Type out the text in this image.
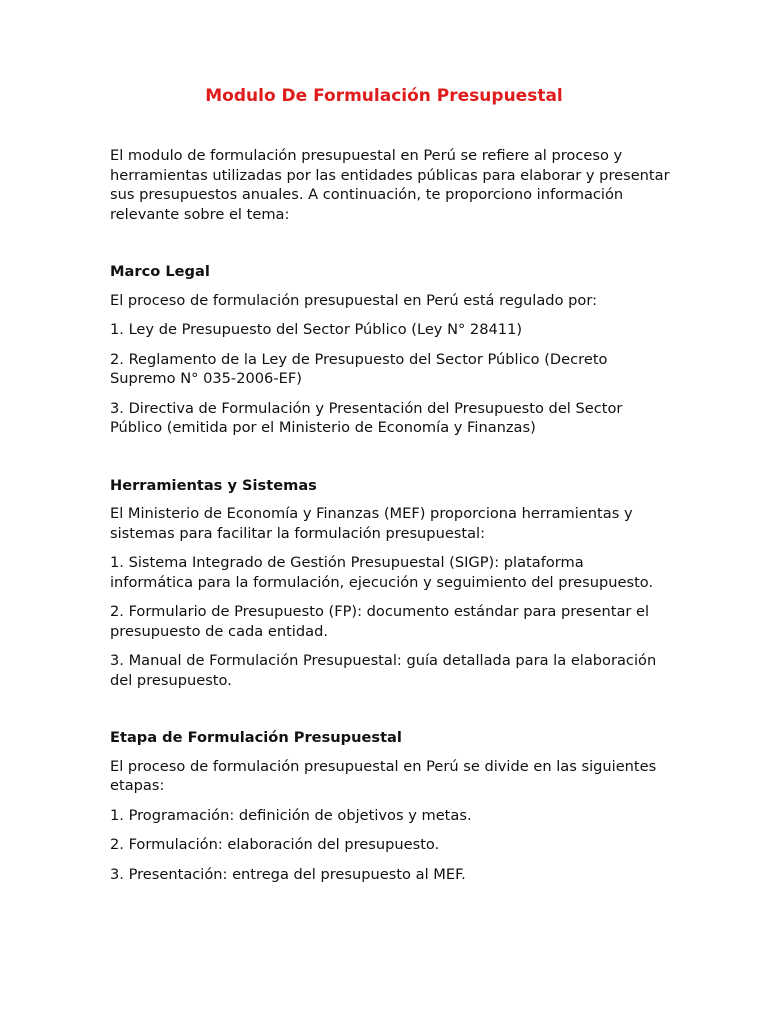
Modulo De Formulación Presupuestal

El modulo de formulación presupuestal en Perú se refiere al proceso y herramientas utilizadas por las entidades públicas para elaborar y presentar sus presupuestos anuales. A continuación, te proporciono información relevante sobre el tema:

Marco Legal

El proceso de formulación presupuestal en Perú está regulado por:

1. Ley de Presupuesto del Sector Público (Ley N° 28411)

2. Reglamento de la Ley de Presupuesto del Sector Público (Decreto Supremo N° 035-2006-EF)

3. Directiva de Formulación y Presentación del Presupuesto del Sector Público (emitida por el Ministerio de Economía y Finanzas)

Herramientas y Sistemas

El Ministerio de Economía y Finanzas (MEF) proporciona herramientas y sistemas para facilitar la formulación presupuestal:

1. Sistema Integrado de Gestión Presupuestal (SIGP): plataforma informática para la formulación, ejecución y seguimiento del presupuesto.

2. Formulario de Presupuesto (FP): documento estándar para presentar el presupuesto de cada entidad.

3. Manual de Formulación Presupuestal: guía detallada para la elaboración del presupuesto.

Etapa de Formulación Presupuestal

El proceso de formulación presupuestal en Perú se divide en las siguientes etapas:

1. Programación: definición de objetivos y metas.

2. Formulación: elaboración del presupuesto.

3. Presentación: entrega del presupuesto al MEF.
